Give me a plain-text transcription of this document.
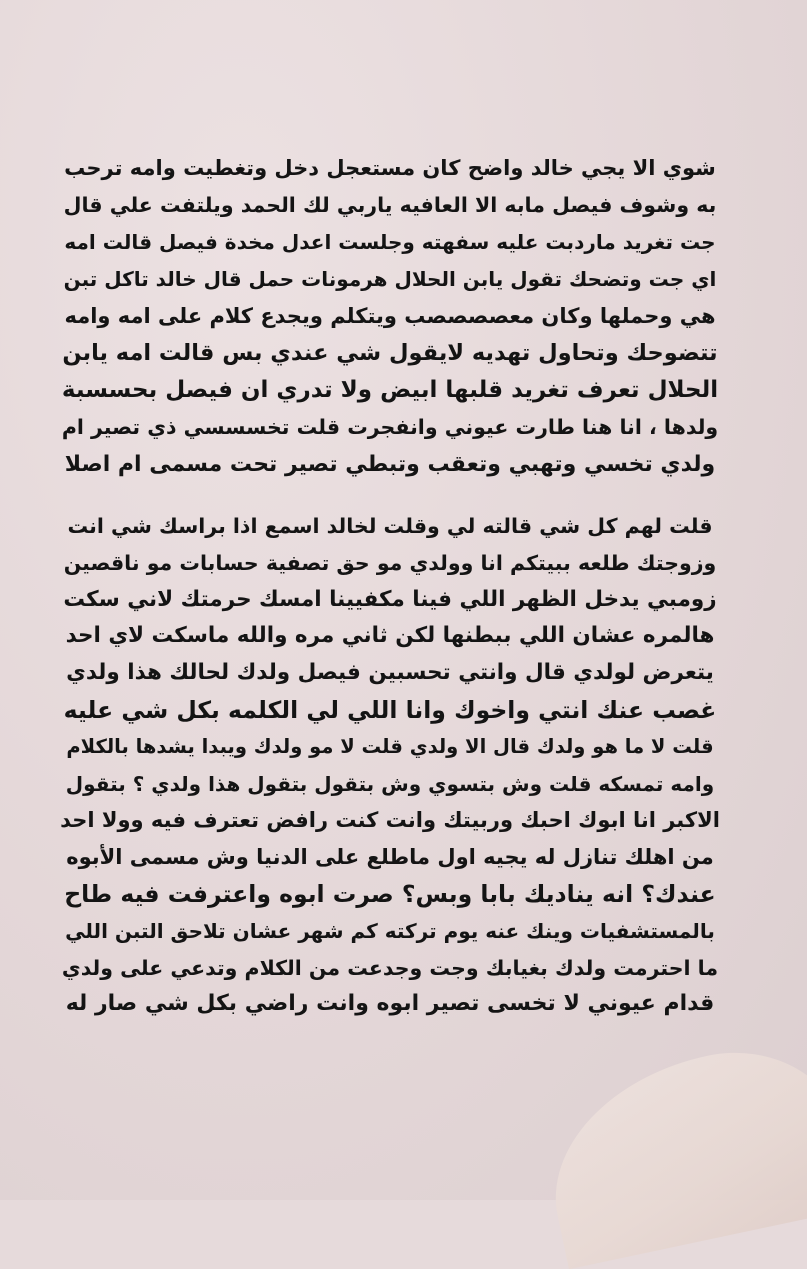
شوي الا يجي خالد واضح كان مستعجل دخل وتغطيت وامه ترحب
به وشوف فيصل مابه الا العافيه ياربي لك الحمد ويلتفت علي قال
جت تغريد ماردبت عليه سفهته وجلست اعدل مخدة فيصل قالت امه
اي جت وتضحك تقول يابن الحلال هرمونات حمل قال خالد تاكل تبن
هي وحملها وكان معصصصصب ويتكلم ويجدع كلام على امه وامه
تتضوحك وتحاول تهديه لايقول شي عندي بس قالت امه يابن
الحلال تعرف تغريد قلبها ابيض ولا تدري ان فيصل بحسسبة
ولدها ، انا هنا طارت عيوني وانفجرت قلت تخسسسي ذي تصير ام
ولدي تخسي وتهبي وتعقب وتبطي تصير تحت مسمى ام اصلا
قلت لهم كل شي قالته لي وقلت لخالد اسمع اذا براسك شي انت
وزوجتك طلعه ببيتكم انا وولدي مو حق تصفية حسابات مو ناقصين
زومبي يدخل الظهر اللي فينا مكفيينا امسك حرمتك لاني سكت
هالمره عشان اللي ببطنها لكن ثاني مره والله ماسكت لاي احد
يتعرض لولدي قال وانتي تحسبين فيصل ولدك لحالك هذا ولدي
غصب عنك انتي واخوك وانا اللي لي الكلمه بكل شي عليه
قلت لا ما هو ولدك قال الا ولدي قلت لا مو ولدك ويبدا يشدها بالكلام
وامه تمسكه قلت وش بتسوي وش بتقول بتقول هذا ولدي ؟ بتقول
الاكبر انا ابوك احبك وربيتك وانت كنت رافض تعترف فيه وولا احد
من اهلك تنازل له يجيه اول ماطلع على الدنيا وش مسمى الأبوه
عندك؟ انه يناديك بابا وبس؟ صرت ابوه واعترفت فيه طاح
بالمستشفيات وينك عنه يوم تركته كم شهر عشان تلاحق التبن اللي
ما احترمت ولدك بغيابك وجت وجدعت من الكلام وتدعي على ولدي
قدام عيوني لا تخسى تصير ابوه وانت راضي بكل شي صار له
